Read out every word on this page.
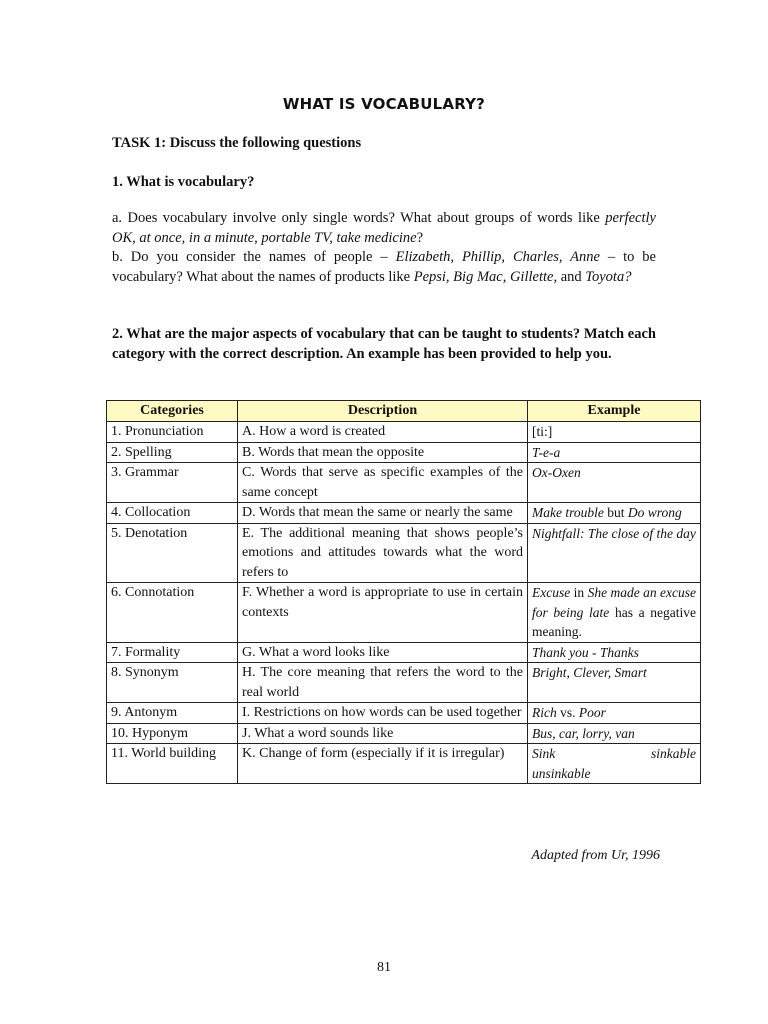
WHAT IS VOCABULARY?
TASK 1: Discuss the following questions
1. What is vocabulary?
a. Does vocabulary involve only single words? What about groups of words like perfectly OK, at once, in a minute, portable TV, take medicine?
b. Do you consider the names of people – Elizabeth, Phillip, Charles, Anne – to be vocabulary? What about the names of products like Pepsi, Big Mac, Gillette, and Toyota?
2. What are the major aspects of vocabulary that can be taught to students? Match each category with the correct description. An example has been provided to help you.
Categories	Description	Example
1. Pronunciation	A. How a word is created	[ti:]
2. Spelling	B. Words that mean the opposite	T-e-a
3. Grammar	C. Words that serve as specific examples of the same concept	Ox-Oxen
4. Collocation	D. Words that mean the same or nearly the same	Make trouble but Do wrong
5. Denotation	E. The additional meaning that shows people’s emotions and attitudes towards what the word refers to	Nightfall: The close of the day
6. Connotation	F. Whether a word is appropriate to use in certain contexts	Excuse in She made an excuse for being late has a negative meaning.
7. Formality	G. What a word looks like	Thank you - Thanks
8. Synonym	H. The core meaning that refers the word to the real world	Bright, Clever, Smart
9. Antonym	I. Restrictions on how words can be used together	Rich vs. Poor
10. Hyponym	J. What a word sounds like	Bus, car, lorry, van
11. World building	K. Change of form (especially if it is irregular)	Sink                sinkable unsinkable
Adapted from Ur, 1996
81
